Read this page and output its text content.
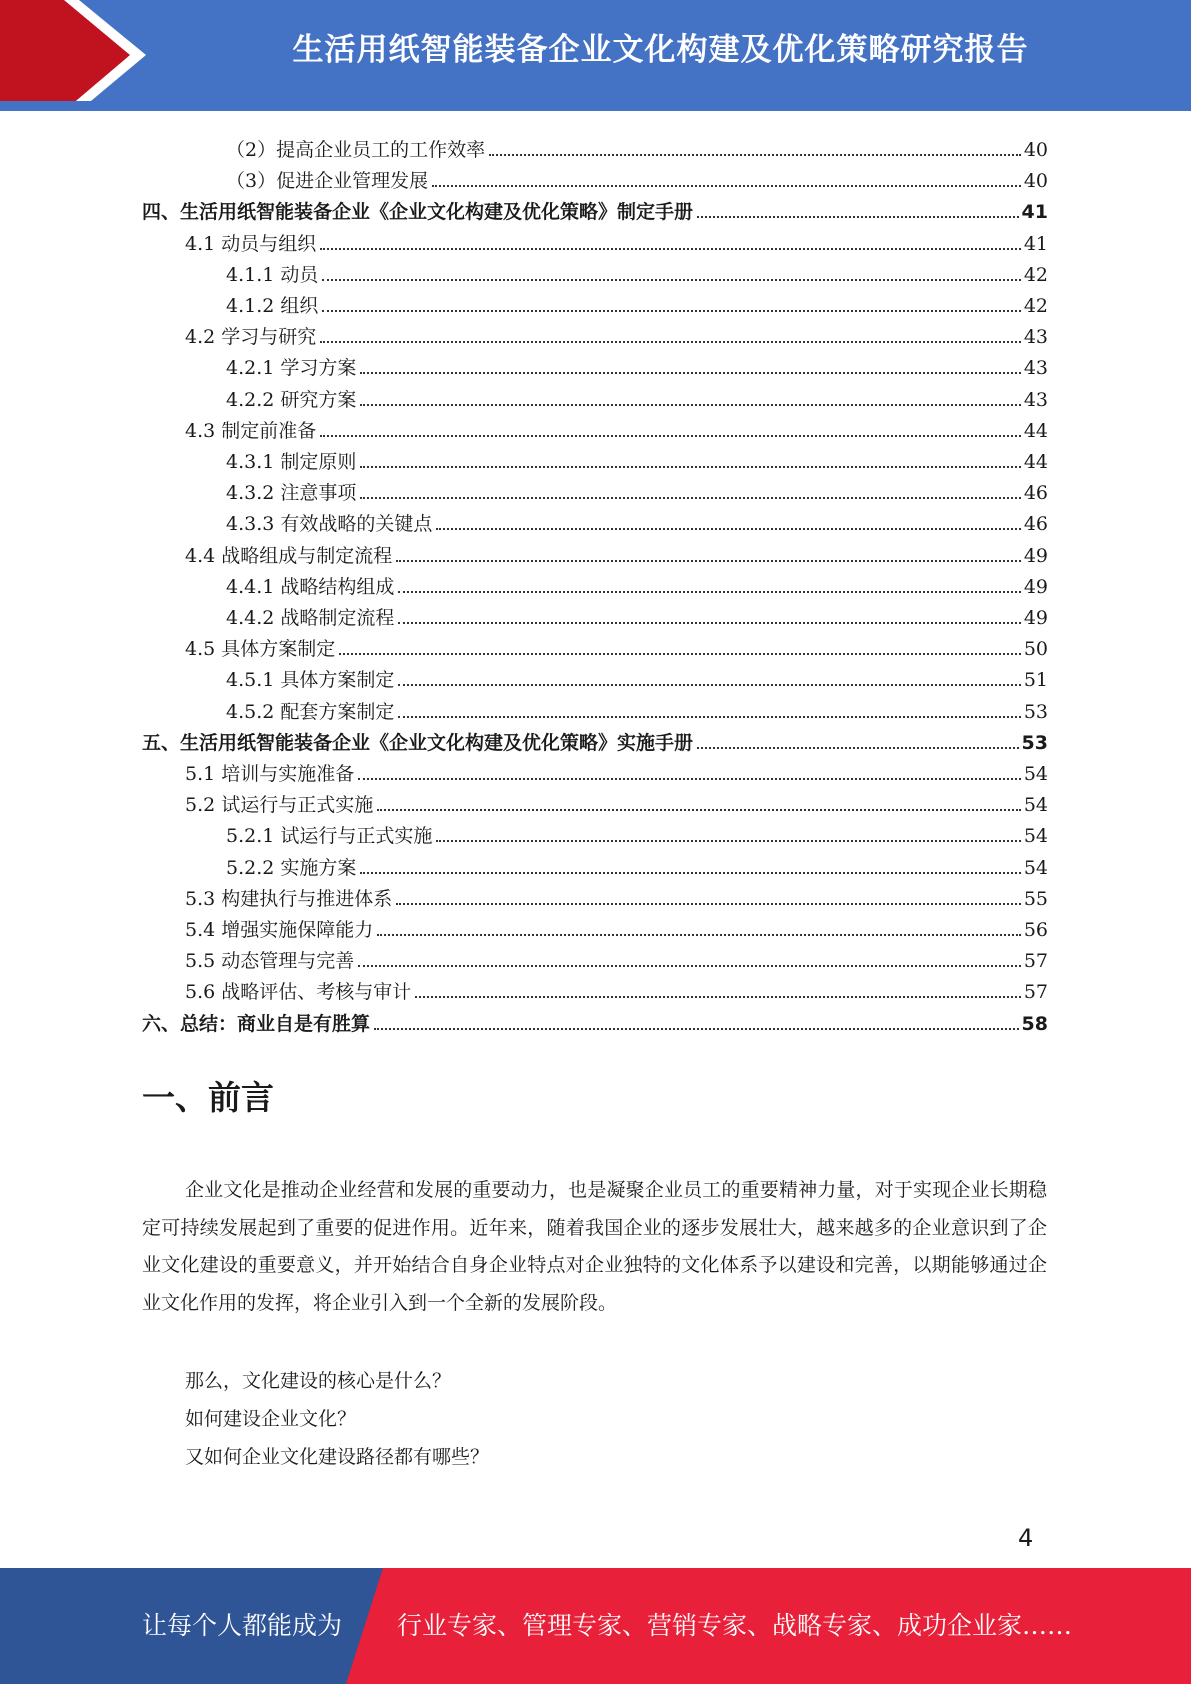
生活用纸智能装备企业文化构建及优化策略研究报告
（2）提高企业员工的工作效率	40
（3）促进企业管理发展	40
四、生活用纸智能装备企业《企业文化构建及优化策略》制定手册	41
4.1 动员与组织	41
4.1.1 动员	42
4.1.2 组织	42
4.2 学习与研究	43
4.2.1 学习方案	43
4.2.2 研究方案	43
4.3 制定前准备	44
4.3.1 制定原则	44
4.3.2 注意事项	46
4.3.3 有效战略的关键点	46
4.4 战略组成与制定流程	49
4.4.1 战略结构组成	49
4.4.2 战略制定流程	49
4.5 具体方案制定	50
4.5.1 具体方案制定	51
4.5.2 配套方案制定	53
五、生活用纸智能装备企业《企业文化构建及优化策略》实施手册	53
5.1 培训与实施准备	54
5.2 试运行与正式实施	54
5.2.1 试运行与正式实施	54
5.2.2 实施方案	54
5.3 构建执行与推进体系	55
5.4 增强实施保障能力	56
5.5 动态管理与完善	57
5.6 战略评估、考核与审计	57
六、总结：商业自是有胜算	58
一、前言

企业文化是推动企业经营和发展的重要动力，也是凝聚企业员工的重要精神力量，对于实现企业长期稳定可持续发展起到了重要的促进作用。近年来，随着我国企业的逐步发展壮大，越来越多的企业意识到了企业文化建设的重要意义，并开始结合自身企业特点对企业独特的文化体系予以建设和完善，以期能够通过企业文化作用的发挥，将企业引入到一个全新的发展阶段。

那么，文化建设的核心是什么？
如何建设企业文化？
又如何企业文化建设路径都有哪些？
4
让每个人都能成为 行业专家、管理专家、营销专家、战略专家、成功企业家……
